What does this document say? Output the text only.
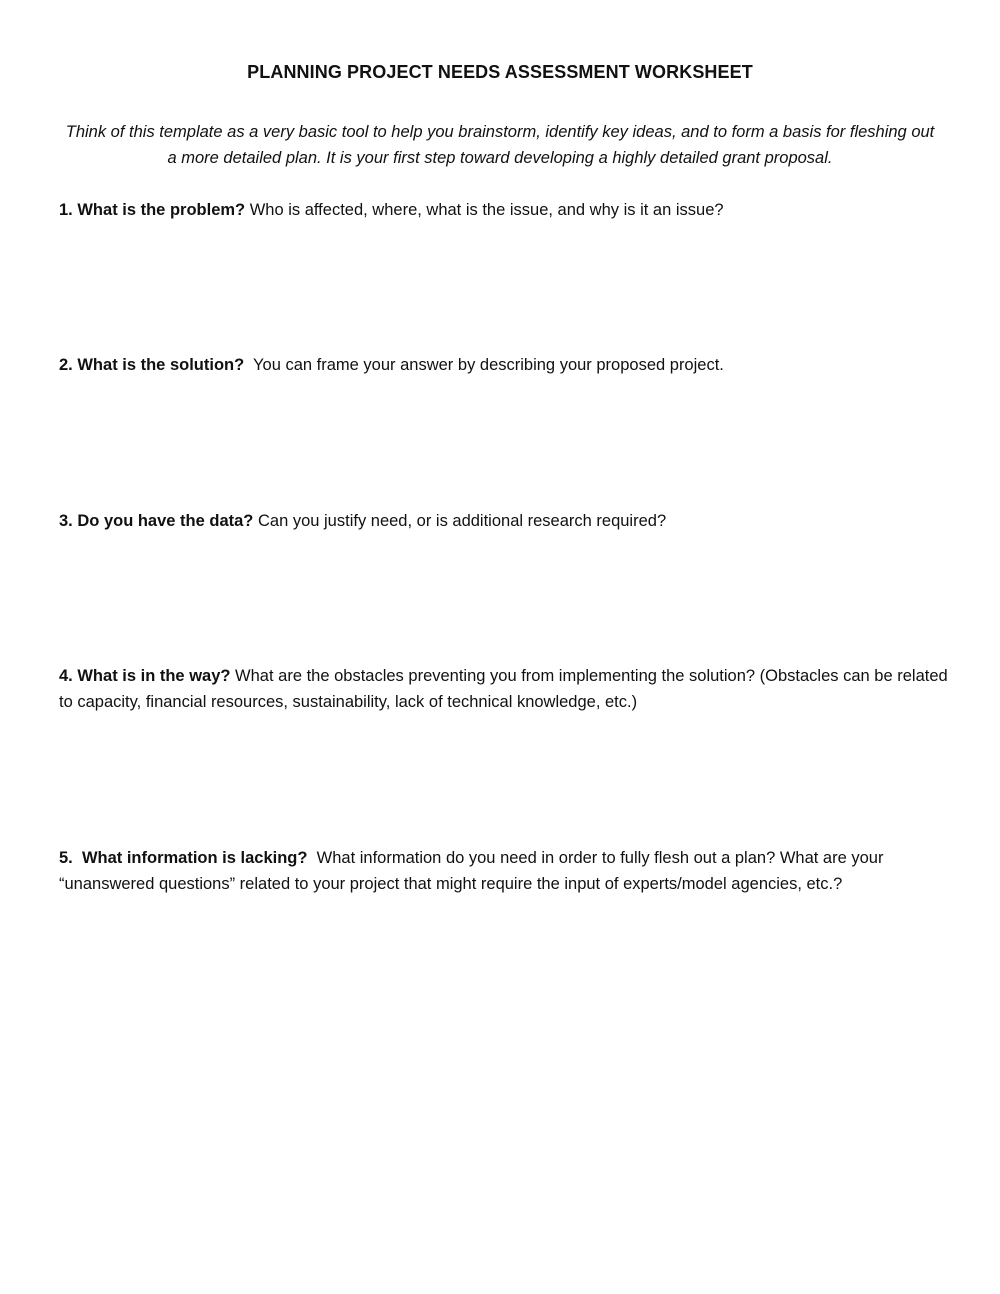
PLANNING PROJECT NEEDS ASSESSMENT WORKSHEET

Think of this template as a very basic tool to help you brainstorm, identify key ideas, and to form a basis for fleshing out a more detailed plan. It is your first step toward developing a highly detailed grant proposal.

1. What is the problem? Who is affected, where, what is the issue, and why is it an issue?

2. What is the solution?  You can frame your answer by describing your proposed project.

3. Do you have the data? Can you justify need, or is additional research required?

4. What is in the way? What are the obstacles preventing you from implementing the solution? (Obstacles can be related to capacity, financial resources, sustainability, lack of technical knowledge, etc.)

5.  What information is lacking?  What information do you need in order to fully flesh out a plan? What are your “unanswered questions” related to your project that might require the input of experts/model agencies, etc.?
